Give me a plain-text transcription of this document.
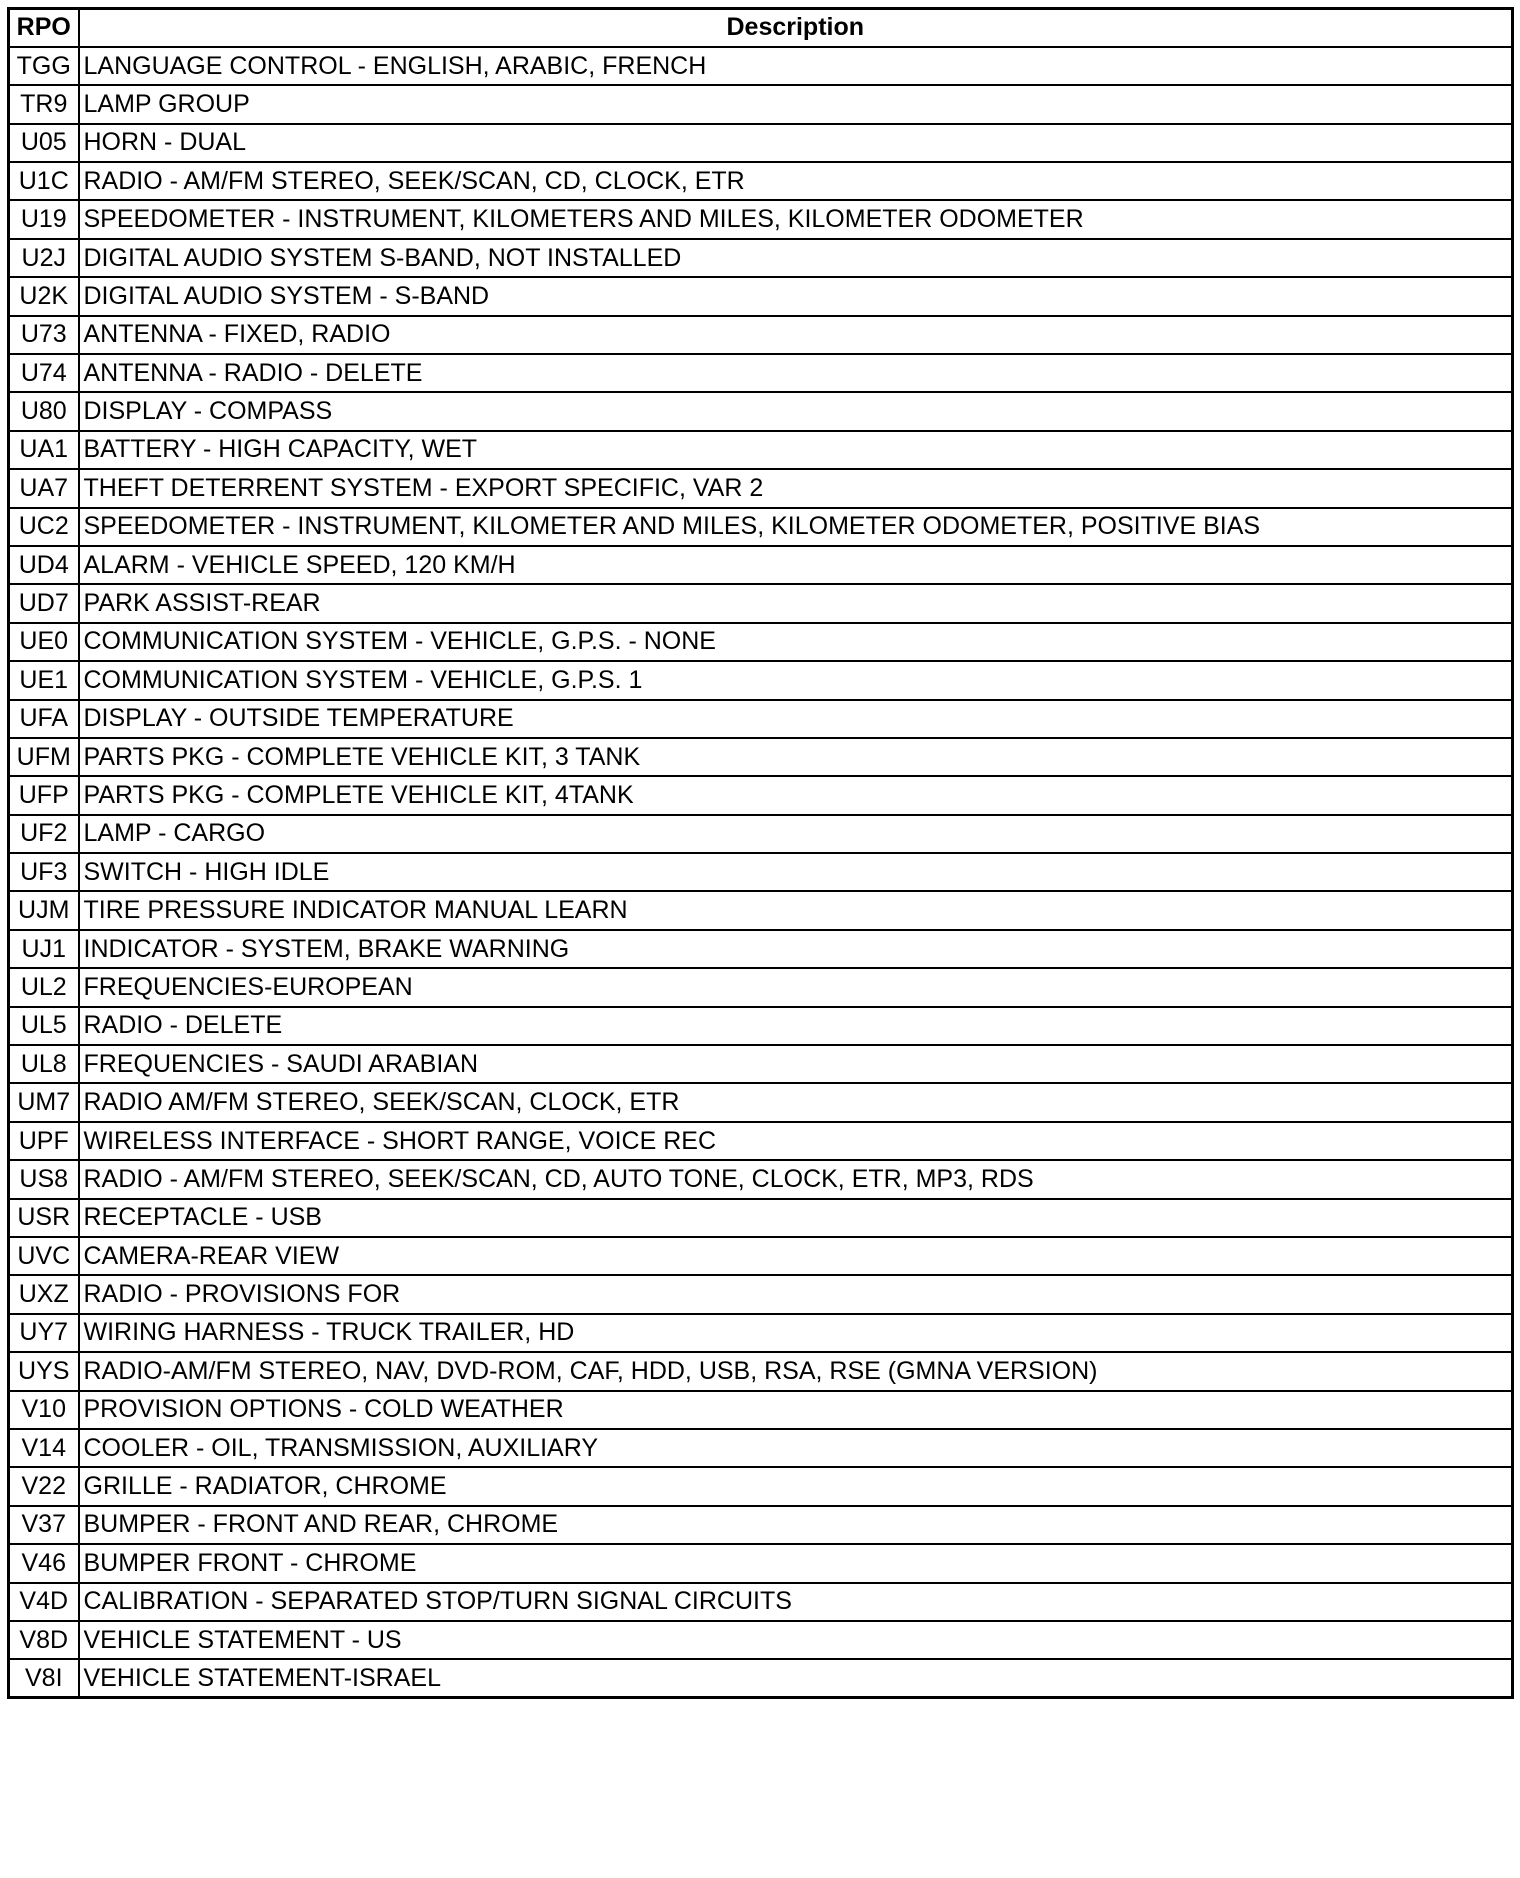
RPO	Description
TGG	LANGUAGE CONTROL - ENGLISH, ARABIC, FRENCH
TR9	LAMP GROUP
U05	HORN - DUAL
U1C	RADIO - AM/FM STEREO, SEEK/SCAN, CD, CLOCK, ETR
U19	SPEEDOMETER - INSTRUMENT, KILOMETERS AND MILES, KILOMETER ODOMETER
U2J	DIGITAL AUDIO SYSTEM S-BAND, NOT INSTALLED
U2K	DIGITAL AUDIO SYSTEM - S-BAND
U73	ANTENNA - FIXED, RADIO
U74	ANTENNA - RADIO - DELETE
U80	DISPLAY - COMPASS
UA1	BATTERY - HIGH CAPACITY, WET
UA7	THEFT DETERRENT SYSTEM - EXPORT SPECIFIC, VAR 2
UC2	SPEEDOMETER - INSTRUMENT, KILOMETER AND MILES, KILOMETER ODOMETER, POSITIVE BIAS
UD4	ALARM - VEHICLE SPEED, 120 KM/H
UD7	PARK ASSIST-REAR
UE0	COMMUNICATION SYSTEM - VEHICLE, G.P.S. - NONE
UE1	COMMUNICATION SYSTEM - VEHICLE, G.P.S. 1
UFA	DISPLAY - OUTSIDE TEMPERATURE
UFM	PARTS PKG - COMPLETE VEHICLE KIT, 3 TANK
UFP	PARTS PKG - COMPLETE VEHICLE KIT, 4TANK
UF2	LAMP - CARGO
UF3	SWITCH - HIGH IDLE
UJM	TIRE PRESSURE INDICATOR MANUAL LEARN
UJ1	INDICATOR - SYSTEM, BRAKE WARNING
UL2	FREQUENCIES-EUROPEAN
UL5	RADIO - DELETE
UL8	FREQUENCIES - SAUDI ARABIAN
UM7	RADIO AM/FM STEREO, SEEK/SCAN, CLOCK, ETR
UPF	WIRELESS INTERFACE - SHORT RANGE, VOICE REC
US8	RADIO - AM/FM STEREO, SEEK/SCAN, CD, AUTO TONE, CLOCK, ETR, MP3, RDS
USR	RECEPTACLE - USB
UVC	CAMERA-REAR VIEW
UXZ	RADIO - PROVISIONS FOR
UY7	WIRING HARNESS - TRUCK TRAILER, HD
UYS	RADIO-AM/FM STEREO, NAV, DVD-ROM, CAF, HDD, USB, RSA, RSE (GMNA VERSION)
V10	PROVISION OPTIONS - COLD WEATHER
V14	COOLER - OIL, TRANSMISSION, AUXILIARY
V22	GRILLE - RADIATOR, CHROME
V37	BUMPER - FRONT AND REAR, CHROME
V46	BUMPER FRONT - CHROME
V4D	CALIBRATION - SEPARATED STOP/TURN SIGNAL CIRCUITS
V8D	VEHICLE STATEMENT - US
V8I	VEHICLE STATEMENT-ISRAEL
